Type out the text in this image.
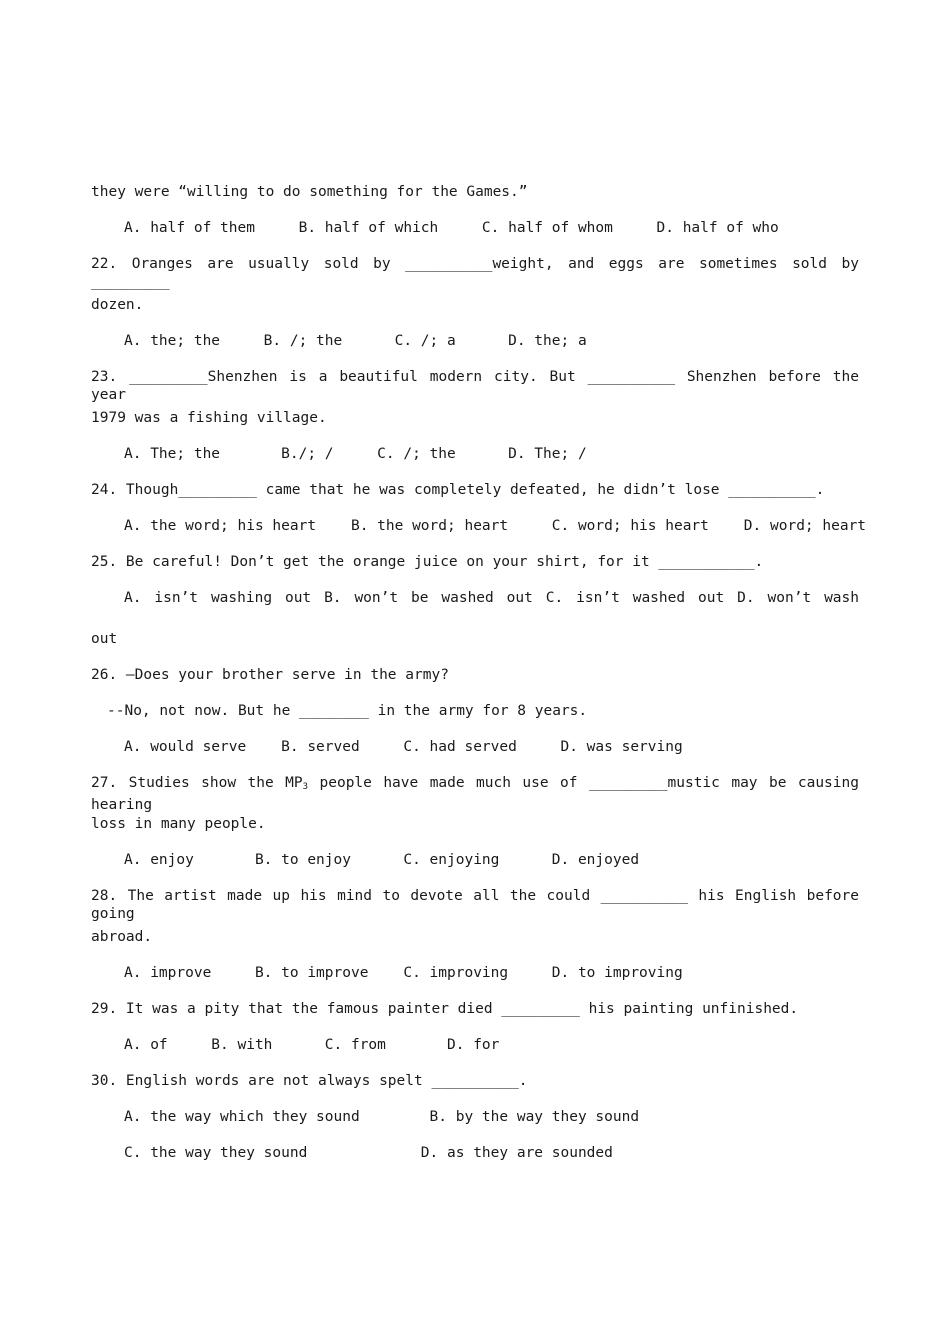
they were “willing to do something for the Games.”
A. half of them     B. half of which     C. half of whom     D. half of who
22. Oranges are usually sold by __________weight, and eggs are sometimes sold by _________
dozen.
A. the; the     B. /; the      C. /; a      D. the; a
23. _________Shenzhen is a beautiful modern city. But __________ Shenzhen before the year
1979 was a fishing village.
A. The; the       B./; /     C. /; the      D. The; /
24. Though_________ came that he was completely defeated, he didn’t lose __________.
A. the word; his heart    B. the word; heart     C. word; his heart    D. word; heart
25. Be careful! Don’t get the orange juice on your shirt, for it ___________.
A. isn’t washing out B. won’t be washed out C. isn’t washed out D. won’t wash
out
26. –Does your brother serve in the army?
--No, not now. But he ________ in the army for 8 years.
A. would serve    B. served     C. had served     D. was serving
27. Studies show the $MP_3$ people have made much use of _________mustic may be causing hearing
loss in many people.
A. enjoy       B. to enjoy      C. enjoying      D. enjoyed
28. The artist made up his mind to devote all the could __________ his English before going
abroad.
A. improve     B. to improve    C. improving     D. to improving
29. It was a pity that the famous painter died _________ his painting unfinished.
A. of     B. with      C. from       D. for
30. English words are not always spelt __________.
A. the way which they sound        B. by the way they sound
C. the way they sound             D. as they are sounded
